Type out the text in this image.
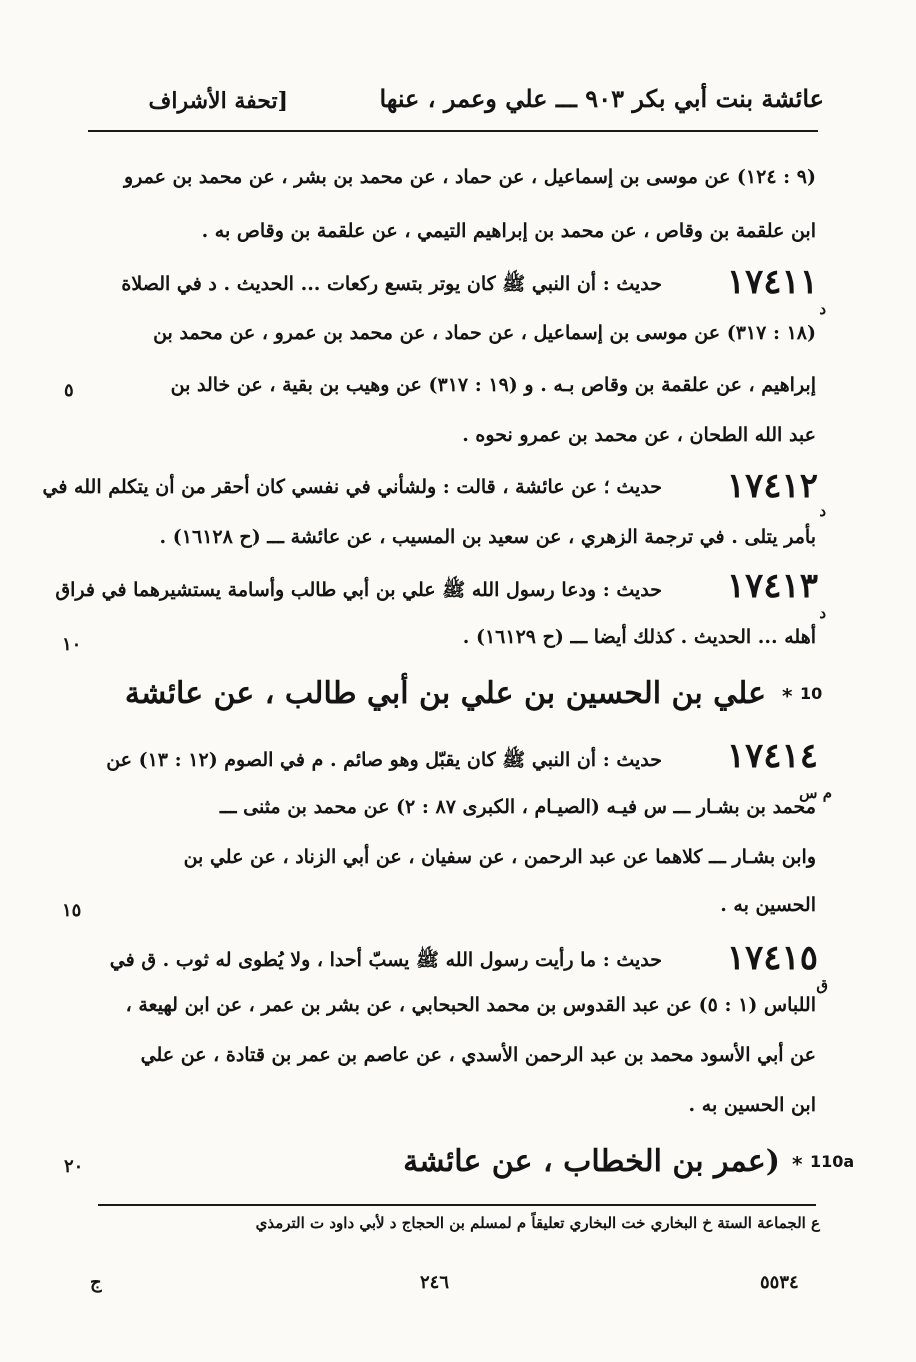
عائشة بنت أبي بكر ٩٠٣ ـــ علي وعمر ، عنها
[تحفة الأشراف
(٩ : ١٢٤) عن موسى بن إسماعيل ، عن حماد ، عن محمد بن بشر ، عن محمد بن عمرو
ابن علقمة بن وقاص ، عن محمد بن إبراهيم التيمي ، عن علقمة بن وقاص به .
١٧٤١١
د
حديث : أن النبي ﷺ كان يوتر بتسع ركعات ... الحديث . د في الصلاة
(١٨ : ٣١٧) عن موسى بن إسماعيل ، عن حماد ، عن محمد بن عمرو ، عن محمد بن
إبراهيم ، عن علقمة بن وقاص بـه . و (١٩ : ٣١٧) عن وهيب بن بقية ، عن خالد بن
عبد الله الطحان ، عن محمد بن عمرو نحوه .
١٧٤١٢
د
حديث ؛ عن عائشة ، قالت : ولشأني في نفسي كان أحقر من أن يتكلم الله في
بأمر يتلى . في ترجمة الزهري ، عن سعيد بن المسيب ، عن عائشة ـــ (ح ١٦١٢٨) .
١٧٤١٣
د
حديث : ودعا رسول الله ﷺ علي بن أبي طالب وأسامة يستشيرهما في فراق
أهله ... الحديث . كذلك أيضا ـــ (ح ١٦١٢٩) .
10
*
علي بن الحسين بن علي بن أبي طالب ، عن عائشة
١٧٤١٤
م س
حديث : أن النبي ﷺ كان يقبّل وهو صائم . م في الصوم (١٢ : ١٣) عن
محمد بن بشـار ـــ س فيـه (الصيـام ، الكبرى ٨٧ : ٢) عن محمد بن مثنى ـــ
وابن بشـار ـــ كلاهما عن عبد الرحمن ، عن سفيان ، عن أبي الزناد ، عن علي بن
الحسين به .
١٧٤١٥
ق
حديث : ما رأيت رسول الله ﷺ يسبّ أحدا ، ولا يُطوى له ثوب . ق في
اللباس (١ : ٥) عن عبد القدوس بن محمد الحبحابي ، عن بشر بن عمر ، عن ابن لهيعة ،
عن أبي الأسود محمد بن عبد الرحمن الأسدي ، عن عاصم بن عمر بن قتادة ، عن علي
ابن الحسين به .
110a
*
(عمر بن الخطاب ، عن عائشة
٥
١٠
١٥
٢٠
ع الجماعة الستة خ البخاري خت البخاري تعليقاً م لمسلم بن الحجاج د لأبي داود ت الترمذي
ج	٢٤٦	٥٥٣٤
